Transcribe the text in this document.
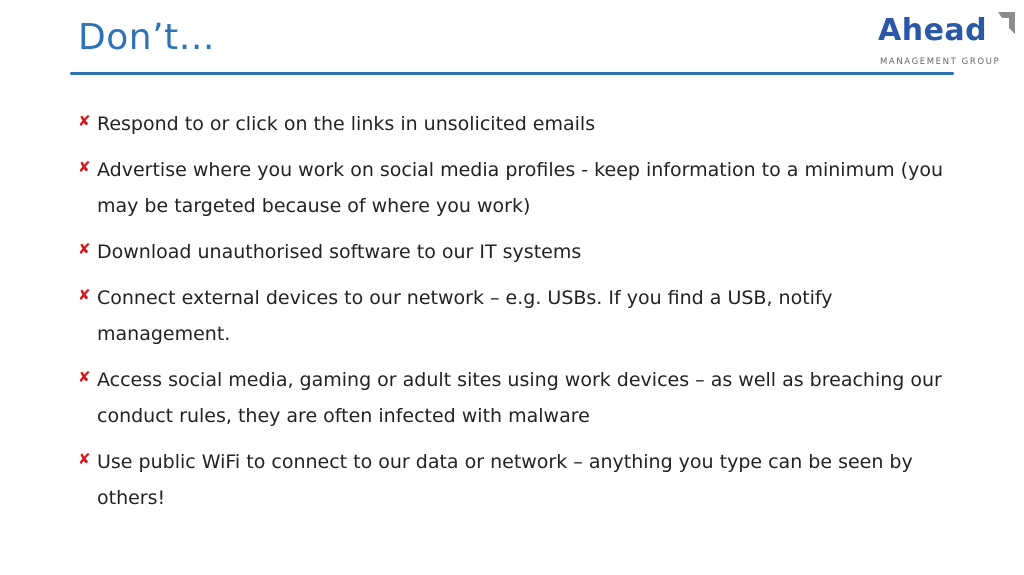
Don’t…	Ahead
MANAGEMENT GROUP
✘ Respond to or click on the links in unsolicited emails
✘ Advertise where you work on social media profiles - keep information to a minimum (you may be targeted because of where you work)
✘ Download unauthorised software to our IT systems
✘ Connect external devices to our network – e.g. USBs. If you find a USB, notify management.
✘ Access social media, gaming or adult sites using work devices – as well as breaching our conduct rules, they are often infected with malware
✘ Use public WiFi to connect to our data or network – anything you type can be seen by others!
